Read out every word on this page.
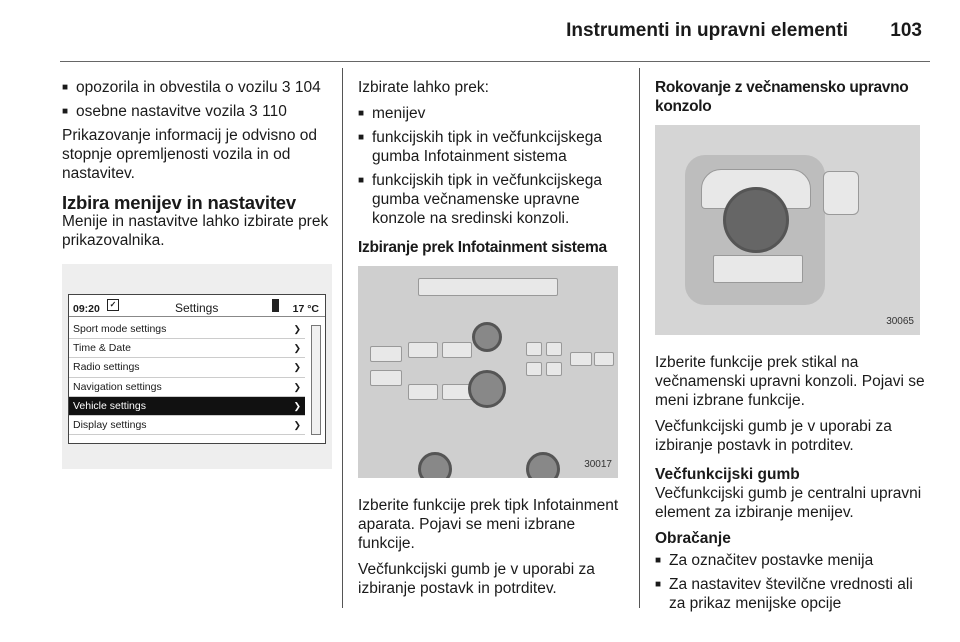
Instrumenti in upravni elementi 103
■ opozorila in obvestila o vozilu 3 104
■ osebne nastavitve vozila 3 110

Prikazovanje informacij je odvisno od stopnje opremljenosti vozila in od nastavitev.

Izbira menijev in nastavitev

Menije in nastavitve lahko izbirate prek prikazovalnika.

09:20	✓	Settings	17 °C
Sport mode settings	❯
Time & Date	❯
Radio settings	❯
Navigation settings	❯
Vehicle settings	❯
Display settings	❯

Izbirate lahko prek:

■ menijev
■ funkcijskih tipk in večfunkcijskega gumba Infotainment sistema
■ funkcijskih tipk in večfunkcijskega gumba večnamenske upravne konzole na sredinski konzoli.
Izbiranje prek Infotainment sistema
30017

Izberite funkcije prek tipk Infotainment aparata. Pojavi se meni izbrane funkcije.

Večfunkcijski gumb je v uporabi za izbiranje postavk in potrditev.

Rokovanje z večnamensko upravno konzolo
30065

Izberite funkcije prek stikal na večnamenski upravni konzoli. Pojavi se meni izbrane funkcije.

Večfunkcijski gumb je v uporabi za izbiranje postavk in potrditev.

Večfunkcijski gumb

Večfunkcijski gumb je centralni upravni element za izbiranje menijev.

Obračanje
■ Za označitev postavke menija
■ Za nastavitev številčne vrednosti ali za prikaz menijske opcije
